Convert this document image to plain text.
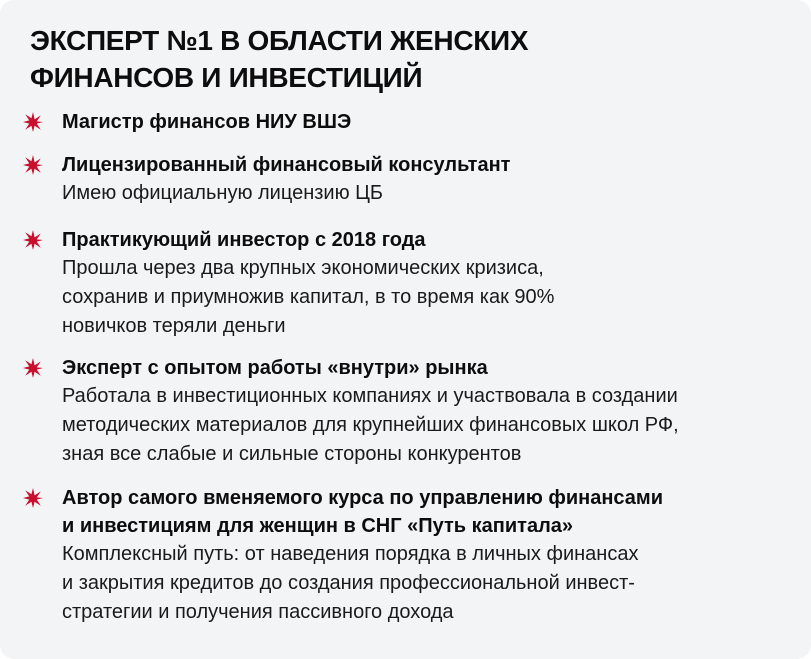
ЭКСПЕРТ №1 В ОБЛАСТИ ЖЕНСКИХ
ФИНАНСОВ И ИНВЕСТИЦИЙ
Магистр финансов НИУ ВШЭ
Лицензированный финансовый консультант
Имею официальную лицензию ЦБ
Практикующий инвестор с 2018 года
Прошла через два крупных экономических кризиса,
сохранив и приумножив капитал, в то время как 90%
новичков теряли деньги
Эксперт с опытом работы «внутри» рынка
Работала в инвестиционных компаниях и участвовала в создании
методических материалов для крупнейших финансовых школ РФ,
зная все слабые и сильные стороны конкурентов
Автор самого вменяемого курса по управлению финансами
и инвестициям для женщин в СНГ «Путь капитала»
Комплексный путь: от наведения порядка в личных финансах
и закрытия кредитов до создания профессиональной инвест-
стратегии и получения пассивного дохода
